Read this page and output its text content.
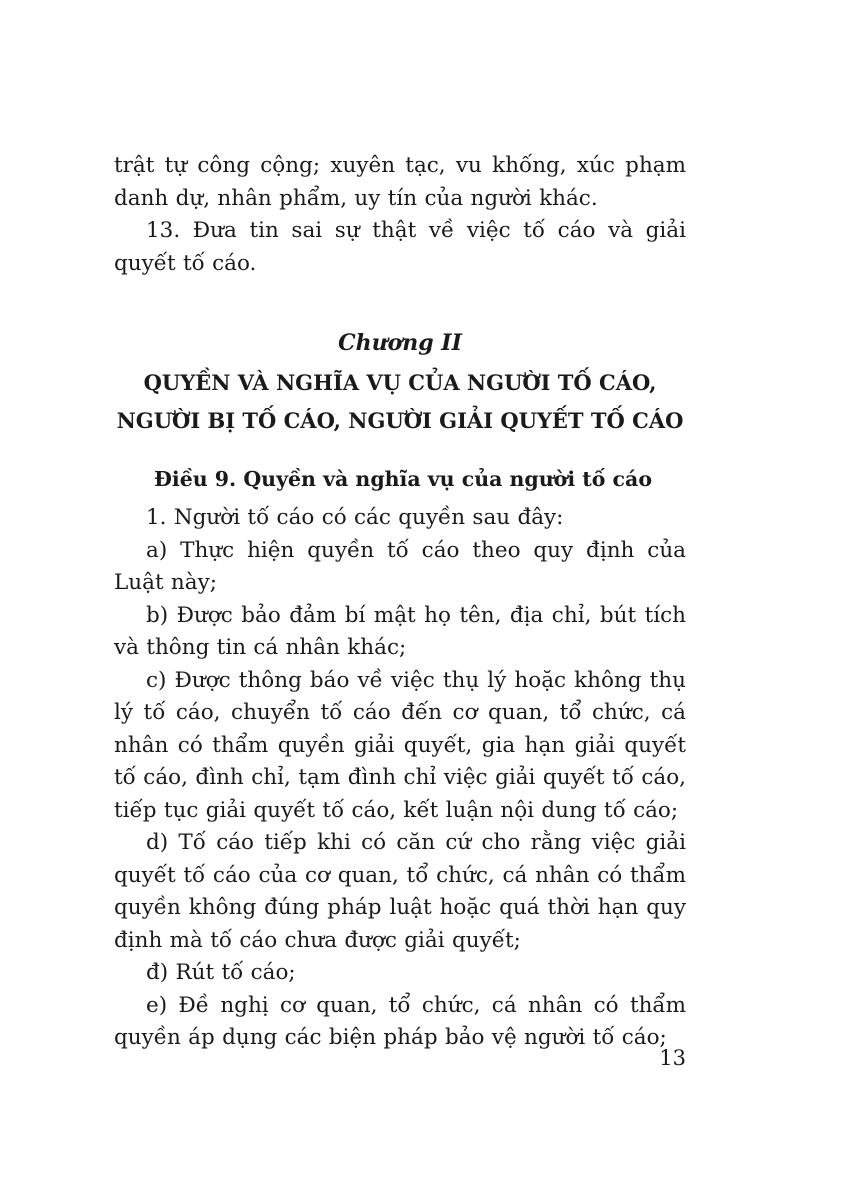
trật tự công cộng; xuyên tạc, vu khống, xúc phạm danh dự, nhân phẩm, uy tín của người khác.

13. Đưa tin sai sự thật về việc tố cáo và giải quyết tố cáo.

Chương II

QUYỀN VÀ NGHĨA VỤ CỦA NGƯỜI TỐ CÁO,

NGƯỜI BỊ TỐ CÁO, NGƯỜI GIẢI QUYẾT TỐ CÁO

Điều 9. Quyền và nghĩa vụ của người tố cáo

1. Người tố cáo có các quyền sau đây:

a) Thực hiện quyền tố cáo theo quy định của Luật này;

b) Được bảo đảm bí mật họ tên, địa chỉ, bút tích và thông tin cá nhân khác;

c) Được thông báo về việc thụ lý hoặc không thụ lý tố cáo, chuyển tố cáo đến cơ quan, tổ chức, cá nhân có thẩm quyền giải quyết, gia hạn giải quyết tố cáo, đình chỉ, tạm đình chỉ việc giải quyết tố cáo, tiếp tục giải quyết tố cáo, kết luận nội dung tố cáo;

d) Tố cáo tiếp khi có căn cứ cho rằng việc giải quyết tố cáo của cơ quan, tổ chức, cá nhân có thẩm quyền không đúng pháp luật hoặc quá thời hạn quy định mà tố cáo chưa được giải quyết;

đ) Rút tố cáo;

e) Đề nghị cơ quan, tổ chức, cá nhân có thẩm quyền áp dụng các biện pháp bảo vệ người tố cáo;

13
